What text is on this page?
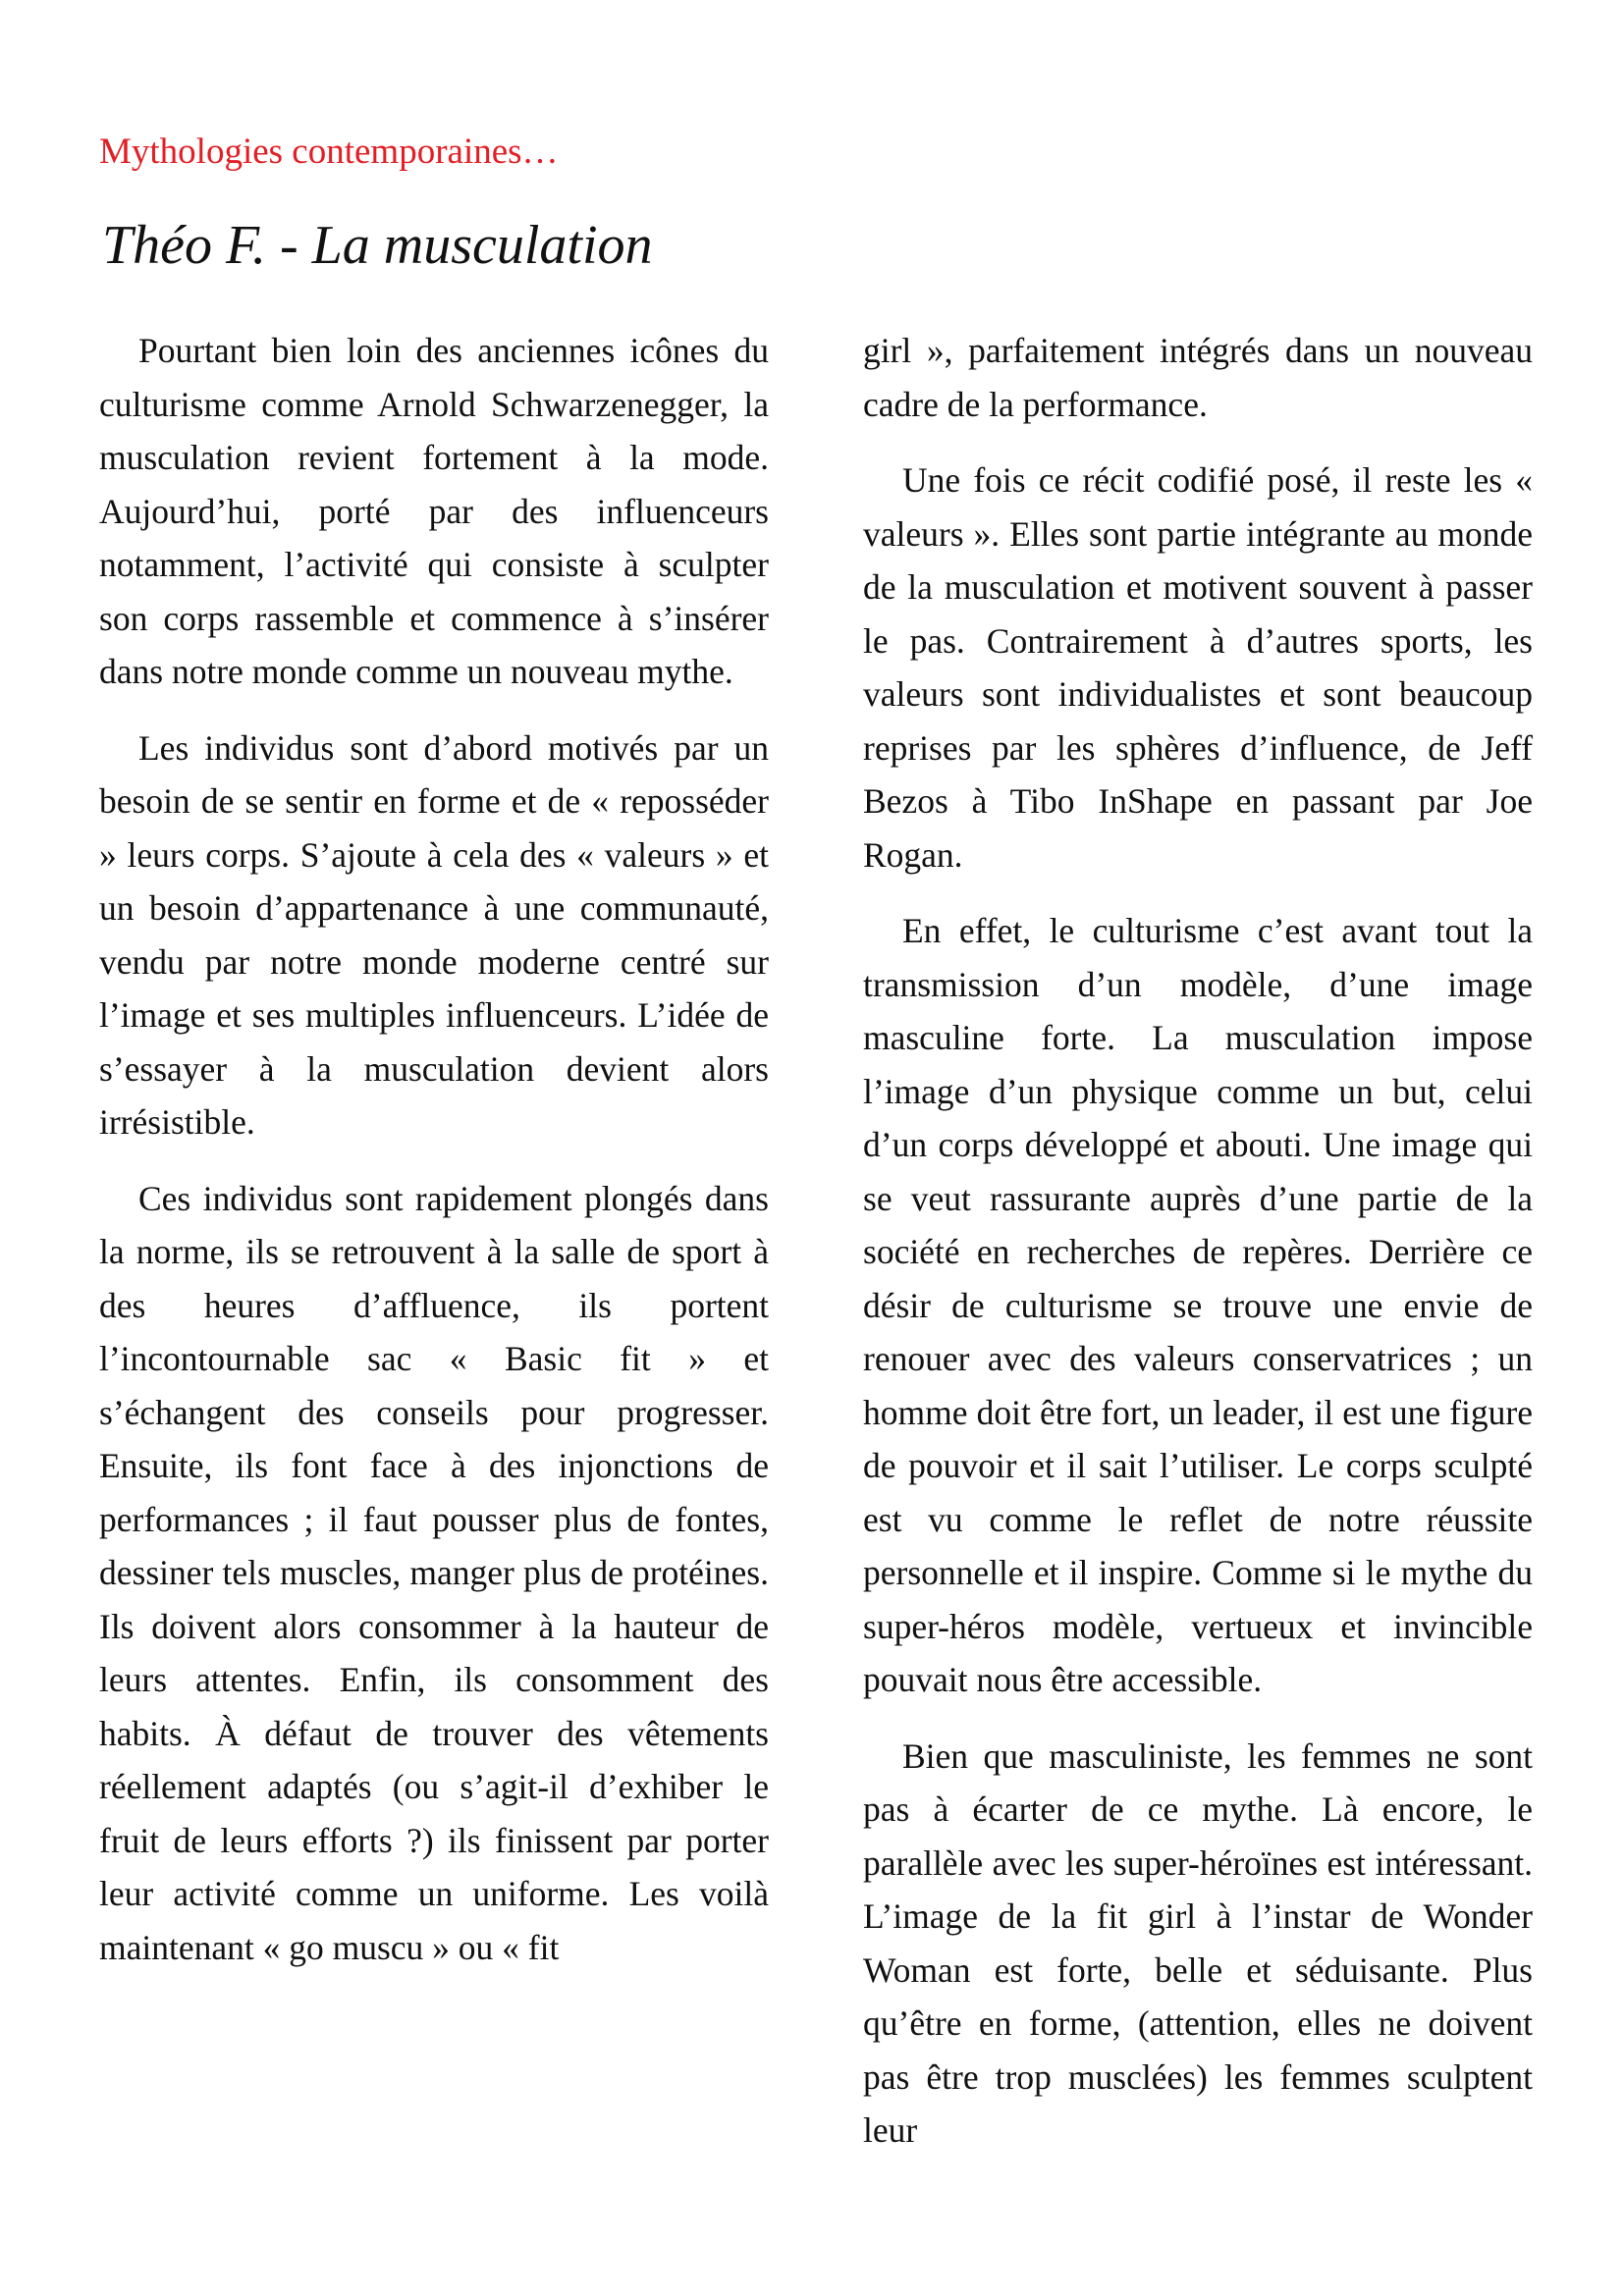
Mythologies contemporaines…
Théo F. - La musculation

Pourtant bien loin des anciennes icônes du culturisme comme Arnold Schwarzenegger, la musculation revient fortement à la mode. Aujourd’hui, porté par des influenceurs notamment, l’activité qui consiste à sculpter son corps rassemble et commence à s’insérer dans notre monde comme un nouveau mythe.

Les individus sont d’abord motivés par un besoin de se sentir en forme et de « reposséder » leurs corps. S’ajoute à cela des « valeurs » et un besoin d’appartenance à une communauté, vendu par notre monde moderne centré sur l’image et ses multiples influenceurs. L’idée de s’essayer à la musculation devient alors irrésistible.

Ces individus sont rapidement plongés dans la norme, ils se retrouvent à la salle de sport à des heures d’affluence, ils portent l’incontournable sac « Basic fit » et s’échangent des conseils pour progresser. Ensuite, ils font face à des injonctions de performances ; il faut pousser plus de fontes, dessiner tels muscles, manger plus de protéines. Ils doivent alors consommer à la hauteur de leurs attentes. Enfin, ils consomment des habits. À défaut de trouver des vêtements réellement adaptés (ou s’agit-il d’exhiber le fruit de leurs efforts ?) ils finissent par porter leur activité comme un uniforme. Les voilà maintenant « go muscu » ou « fit

girl », parfaitement intégrés dans un nouveau cadre de la performance.

Une fois ce récit codifié posé, il reste les « valeurs ». Elles sont partie intégrante au monde de la musculation et motivent souvent à passer le pas. Contrairement à d’autres sports, les valeurs sont individualistes et sont beaucoup reprises par les sphères d’influence, de Jeff Bezos à Tibo InShape en passant par Joe Rogan.

En effet, le culturisme c’est avant tout la transmission d’un modèle, d’une image masculine forte. La musculation impose l’image d’un physique comme un but, celui d’un corps développé et abouti. Une image qui se veut rassurante auprès d’une partie de la société en recherches de repères. Derrière ce désir de culturisme se trouve une envie de renouer avec des valeurs conservatrices ; un homme doit être fort, un leader, il est une figure de pouvoir et il sait l’utiliser. Le corps sculpté est vu comme le reflet de notre réussite personnelle et il inspire. Comme si le mythe du super-héros modèle, vertueux et invincible pouvait nous être accessible.

Bien que masculiniste, les femmes ne sont pas à écarter de ce mythe. Là encore, le parallèle avec les super-héroïnes est intéressant. L’image de la fit girl à l’instar de Wonder Woman est forte, belle et séduisante. Plus qu’être en forme, (attention, elles ne doivent pas être trop musclées) les femmes sculptent leur
